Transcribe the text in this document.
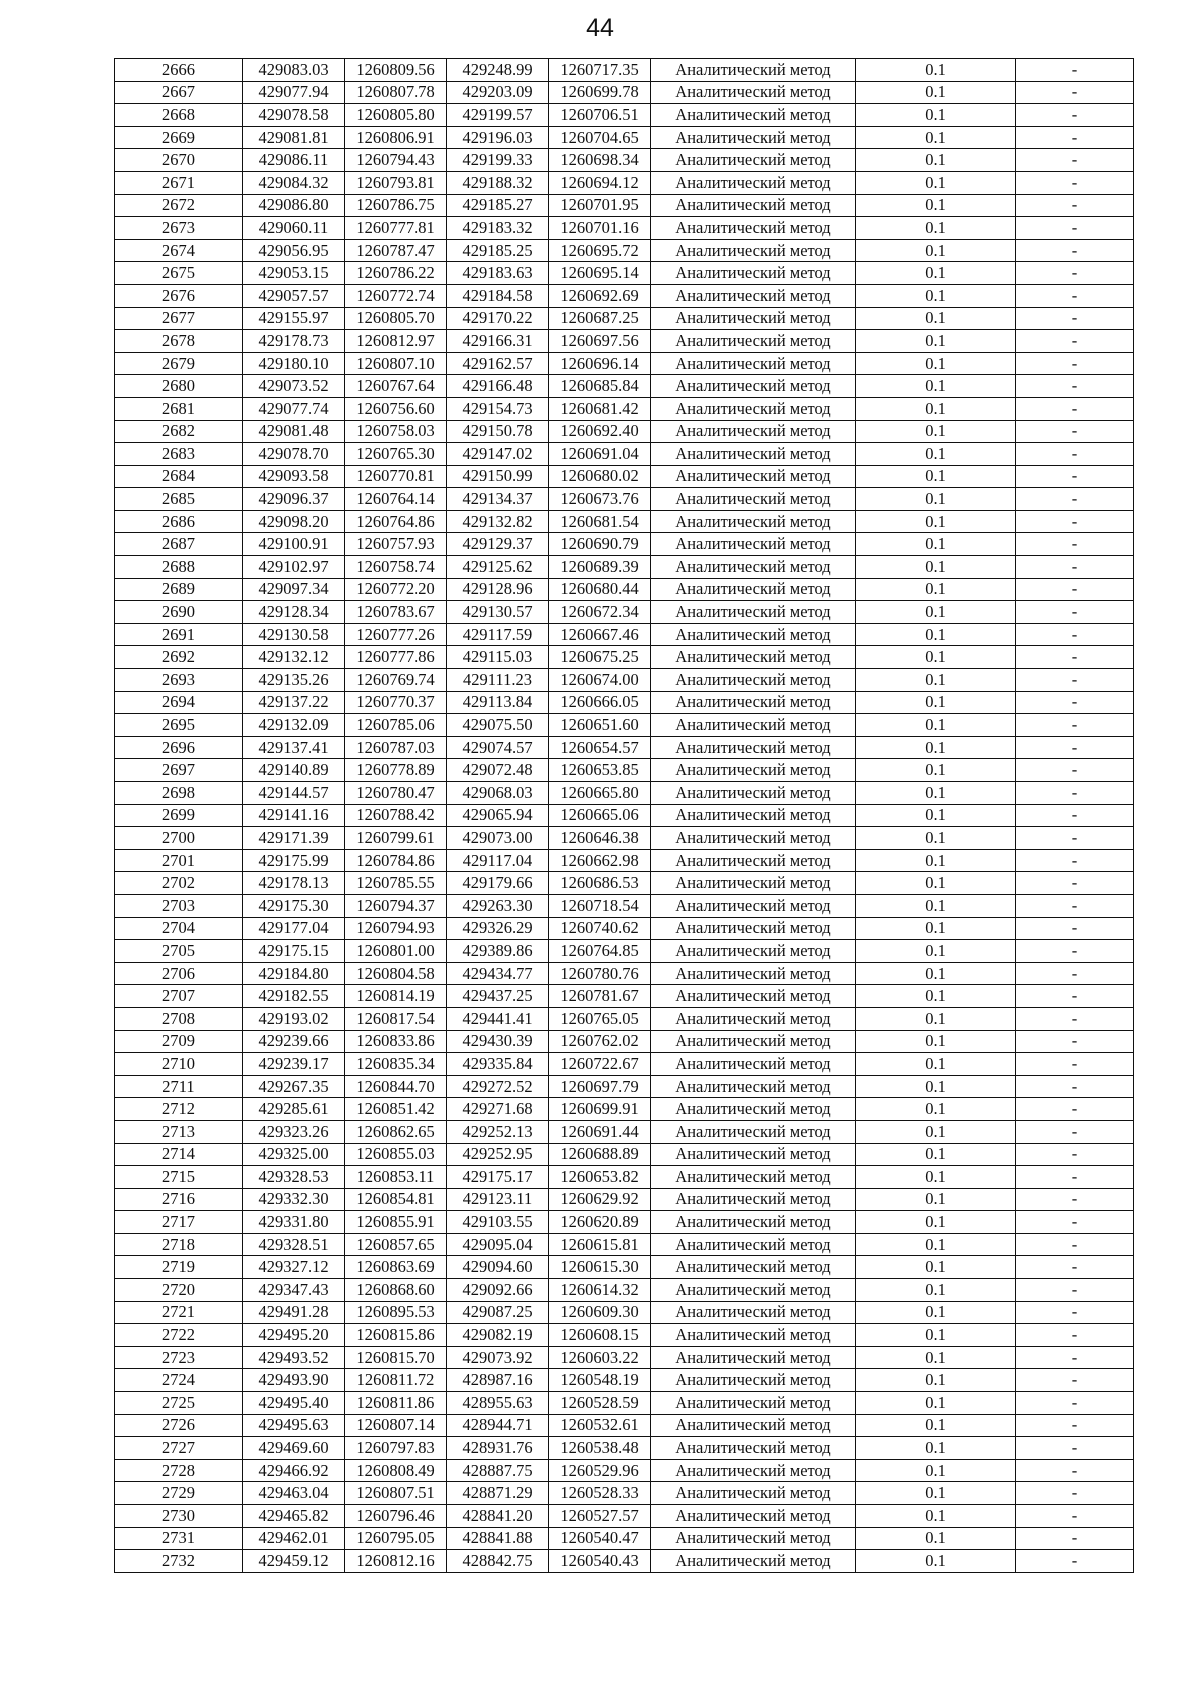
44
2666	429083.03	1260809.56	429248.99	1260717.35	Аналитический метод	0.1	-
2667	429077.94	1260807.78	429203.09	1260699.78	Аналитический метод	0.1	-
2668	429078.58	1260805.80	429199.57	1260706.51	Аналитический метод	0.1	-
2669	429081.81	1260806.91	429196.03	1260704.65	Аналитический метод	0.1	-
2670	429086.11	1260794.43	429199.33	1260698.34	Аналитический метод	0.1	-
2671	429084.32	1260793.81	429188.32	1260694.12	Аналитический метод	0.1	-
2672	429086.80	1260786.75	429185.27	1260701.95	Аналитический метод	0.1	-
2673	429060.11	1260777.81	429183.32	1260701.16	Аналитический метод	0.1	-
2674	429056.95	1260787.47	429185.25	1260695.72	Аналитический метод	0.1	-
2675	429053.15	1260786.22	429183.63	1260695.14	Аналитический метод	0.1	-
2676	429057.57	1260772.74	429184.58	1260692.69	Аналитический метод	0.1	-
2677	429155.97	1260805.70	429170.22	1260687.25	Аналитический метод	0.1	-
2678	429178.73	1260812.97	429166.31	1260697.56	Аналитический метод	0.1	-
2679	429180.10	1260807.10	429162.57	1260696.14	Аналитический метод	0.1	-
2680	429073.52	1260767.64	429166.48	1260685.84	Аналитический метод	0.1	-
2681	429077.74	1260756.60	429154.73	1260681.42	Аналитический метод	0.1	-
2682	429081.48	1260758.03	429150.78	1260692.40	Аналитический метод	0.1	-
2683	429078.70	1260765.30	429147.02	1260691.04	Аналитический метод	0.1	-
2684	429093.58	1260770.81	429150.99	1260680.02	Аналитический метод	0.1	-
2685	429096.37	1260764.14	429134.37	1260673.76	Аналитический метод	0.1	-
2686	429098.20	1260764.86	429132.82	1260681.54	Аналитический метод	0.1	-
2687	429100.91	1260757.93	429129.37	1260690.79	Аналитический метод	0.1	-
2688	429102.97	1260758.74	429125.62	1260689.39	Аналитический метод	0.1	-
2689	429097.34	1260772.20	429128.96	1260680.44	Аналитический метод	0.1	-
2690	429128.34	1260783.67	429130.57	1260672.34	Аналитический метод	0.1	-
2691	429130.58	1260777.26	429117.59	1260667.46	Аналитический метод	0.1	-
2692	429132.12	1260777.86	429115.03	1260675.25	Аналитический метод	0.1	-
2693	429135.26	1260769.74	429111.23	1260674.00	Аналитический метод	0.1	-
2694	429137.22	1260770.37	429113.84	1260666.05	Аналитический метод	0.1	-
2695	429132.09	1260785.06	429075.50	1260651.60	Аналитический метод	0.1	-
2696	429137.41	1260787.03	429074.57	1260654.57	Аналитический метод	0.1	-
2697	429140.89	1260778.89	429072.48	1260653.85	Аналитический метод	0.1	-
2698	429144.57	1260780.47	429068.03	1260665.80	Аналитический метод	0.1	-
2699	429141.16	1260788.42	429065.94	1260665.06	Аналитический метод	0.1	-
2700	429171.39	1260799.61	429073.00	1260646.38	Аналитический метод	0.1	-
2701	429175.99	1260784.86	429117.04	1260662.98	Аналитический метод	0.1	-
2702	429178.13	1260785.55	429179.66	1260686.53	Аналитический метод	0.1	-
2703	429175.30	1260794.37	429263.30	1260718.54	Аналитический метод	0.1	-
2704	429177.04	1260794.93	429326.29	1260740.62	Аналитический метод	0.1	-
2705	429175.15	1260801.00	429389.86	1260764.85	Аналитический метод	0.1	-
2706	429184.80	1260804.58	429434.77	1260780.76	Аналитический метод	0.1	-
2707	429182.55	1260814.19	429437.25	1260781.67	Аналитический метод	0.1	-
2708	429193.02	1260817.54	429441.41	1260765.05	Аналитический метод	0.1	-
2709	429239.66	1260833.86	429430.39	1260762.02	Аналитический метод	0.1	-
2710	429239.17	1260835.34	429335.84	1260722.67	Аналитический метод	0.1	-
2711	429267.35	1260844.70	429272.52	1260697.79	Аналитический метод	0.1	-
2712	429285.61	1260851.42	429271.68	1260699.91	Аналитический метод	0.1	-
2713	429323.26	1260862.65	429252.13	1260691.44	Аналитический метод	0.1	-
2714	429325.00	1260855.03	429252.95	1260688.89	Аналитический метод	0.1	-
2715	429328.53	1260853.11	429175.17	1260653.82	Аналитический метод	0.1	-
2716	429332.30	1260854.81	429123.11	1260629.92	Аналитический метод	0.1	-
2717	429331.80	1260855.91	429103.55	1260620.89	Аналитический метод	0.1	-
2718	429328.51	1260857.65	429095.04	1260615.81	Аналитический метод	0.1	-
2719	429327.12	1260863.69	429094.60	1260615.30	Аналитический метод	0.1	-
2720	429347.43	1260868.60	429092.66	1260614.32	Аналитический метод	0.1	-
2721	429491.28	1260895.53	429087.25	1260609.30	Аналитический метод	0.1	-
2722	429495.20	1260815.86	429082.19	1260608.15	Аналитический метод	0.1	-
2723	429493.52	1260815.70	429073.92	1260603.22	Аналитический метод	0.1	-
2724	429493.90	1260811.72	428987.16	1260548.19	Аналитический метод	0.1	-
2725	429495.40	1260811.86	428955.63	1260528.59	Аналитический метод	0.1	-
2726	429495.63	1260807.14	428944.71	1260532.61	Аналитический метод	0.1	-
2727	429469.60	1260797.83	428931.76	1260538.48	Аналитический метод	0.1	-
2728	429466.92	1260808.49	428887.75	1260529.96	Аналитический метод	0.1	-
2729	429463.04	1260807.51	428871.29	1260528.33	Аналитический метод	0.1	-
2730	429465.82	1260796.46	428841.20	1260527.57	Аналитический метод	0.1	-
2731	429462.01	1260795.05	428841.88	1260540.47	Аналитический метод	0.1	-
2732	429459.12	1260812.16	428842.75	1260540.43	Аналитический метод	0.1	-
